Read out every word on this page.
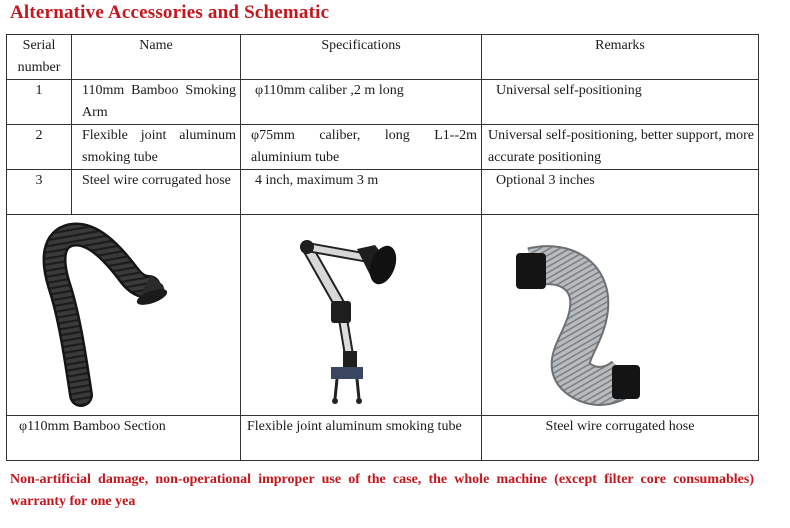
Alternative Accessories and Schematic
Serial number	Name	Specifications	Remarks
1	110mm Bamboo Smoking Arm	φ110mm caliber ,2 m long	Universal self-positioning
2	Flexible joint aluminum smoking tube	φ75mm caliber, long L1--2m aluminium tube	Universal self-positioning, better support, more accurate positioning
3	Steel wire corrugated hose	4 inch, maximum 3 m	Optional 3 inches

φ110mm Bamboo Section		Flexible joint aluminum smoking tube	Steel wire corrugated hose
Non-artificial damage, non-operational improper use of the case, the whole machine (except filter core consumables) warranty for one yea
